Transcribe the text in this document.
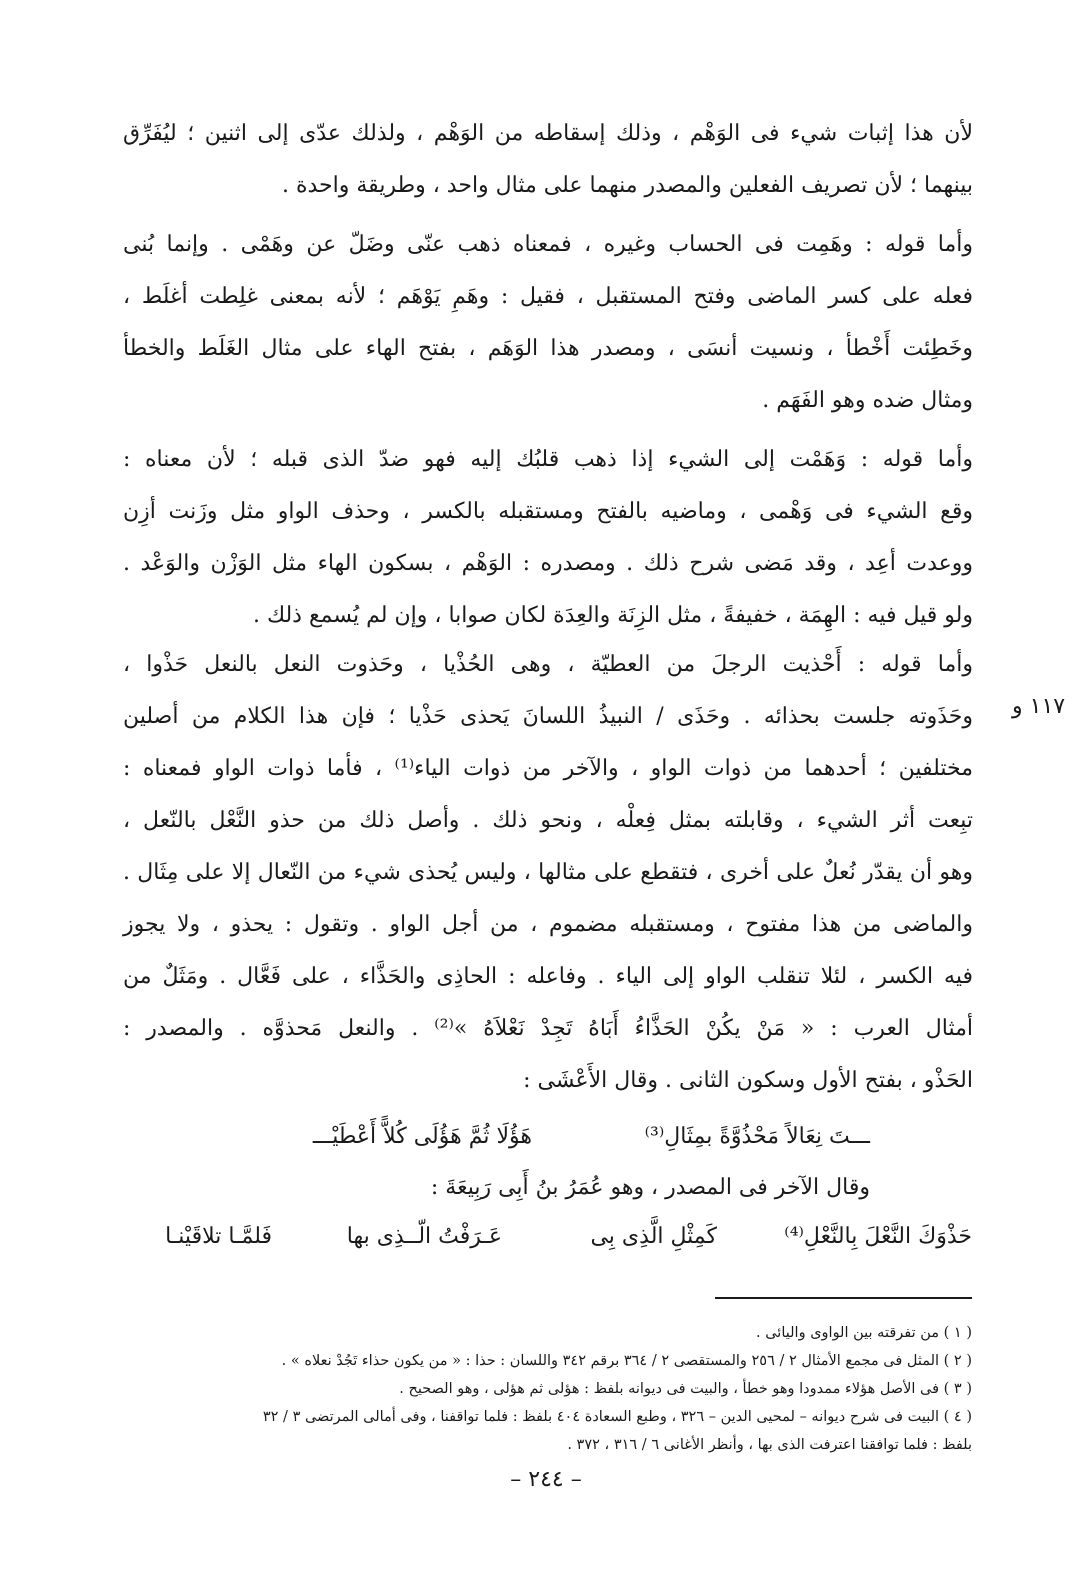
لأن هذا إثبات شيء فى الوَهْم ، وذلك إسقاطه من الوَهْم ، ولذلك عدّى إلى اثنين ؛ ليُفَرِّق
بينهما ؛ لأن تصريف الفعلين والمصدر منهما على مثال واحد ، وطريقة واحدة .
وأما قوله : وهَمِت فى الحساب وغيره ، فمعناه ذهب عنّى وضَلّ عن وهَمْى . وإنما بُنى
فعله على كسر الماضى وفتح المستقبل ، فقيل : وهَمِ يَوْهَم ؛ لأنه بمعنى غلِطت أغلَط ،
وخَطِئت أَخْطأ ، ونسيت أنسَى ، ومصدر هذا الوَهَم ، بفتح الهاء على مثال الغَلَط والخطأ
ومثال ضده وهو الفَهَم .
وأما قوله : وَهَمْت إلى الشيء إذا ذهب قلبُك إليه فهو ضدّ الذى قبله ؛ لأن معناه :
وقع الشيء فى وَهْمى ، وماضيه بالفتح ومستقبله بالكسر ، وحذف الواو مثل وزَنت أزِن
ووعدت أعِد ، وقد مَضى شرح ذلك . ومصدره : الوَهْم ، بسكون الهاء مثل الوَزْن والوَعْد .
ولو قيل فيه : الهِمَة ، خفيفةً ، مثل الزِنَة والعِدَة لكان صوابا ، وإن لم يُسمع ذلك .
وأما قوله : أَحْذيت الرجلَ من العطيّة ، وهى الحُذْيا ، وحَذوت النعل بالنعل حَذْوا ،
وحَذَوته جلست بحذائه . وحَذَى / النبيذُ اللسانَ يَحذى حَذْيا ؛ فإن هذا الكلام من أصلين
مختلفين ؛ أحدهما من ذوات الواو ، والآخر من ذوات الياء⁽¹⁾ ، فأما ذوات الواو فمعناه :
تبِعت أثر الشيء ، وقابلته بمثل فِعلْه ، ونحو ذلك . وأصل ذلك من حذو النَّعْل بالنّعل ،
وهو أن يقدّر نُعلٌ على أخرى ، فتقطع على مثالها ، وليس يُحذى شيء من النّعال إلا على مِثَال .
والماضى من هذا مفتوح ، ومستقبله مضموم ، من أجل الواو . وتقول : يحذو ، ولا يجوز
فيه الكسر ، لئلا تنقلب الواو إلى الياء . وفاعله : الحاذِى والحَذَّاء ، على فَعَّال . ومَثَلٌ من
أمثال العرب : « مَنْ يكُنْ الحَذَّاءُ أَبَاهُ تَجِدْ نَعْلاَهُ »⁽²⁾ . والنعل مَحذوَّه . والمصدر :
الحَذْو ، بفتح الأول وسكون الثانى . وقال الأَعْشَى :
١١٧ و
هَؤُلَا ثُمَّ هَؤُلَى كُلاًّ أَعْطَيْـــ	ـــتَ نِعَالاً مَحْذُوَّةً بمِثَالِ⁽³⁾
وقال الآخر فى المصدر ، وهو عُمَرُ بنُ أَبِى رَبِيعَةَ :
فَلمَّـا تلاقَيْنـا	عَـرَفْتُ الّــذِى بها	كَمِثْلِ الَّذِى بِى	حَذْوَكَ النَّعْلَ بِالنَّعْلِ⁽⁴⁾
( ١ ) من تفرقته بين الواوى واليائى .
( ٢ ) المثل فى مجمع الأمثال ٢ / ٢٥٦ والمستقصى ٢ / ٣٦٤ برقم ٣٤٢ واللسان : حذا : « من يكون حذاء تَجُدْ نعلاه » .
( ٣ ) فى الأصل هؤلاء ممدودا وهو خطأ ، والبيت فى ديوانه بلفظ : هؤلى ثم هؤلى ، وهو الصحيح .
( ٤ ) البيت فى شرح ديوانه – لمحيى الدين – ٣٢٦ ، وطبع السعادة ٤٠٤ بلفظ : فلما تواقفنا ، وفى أمالى المرتضى ٣ / ٣٢
بلفظ : فلما توافقنا اعترفت الذى بها ، وأنظر الأغانى ٦ / ٣١٦ ، ٣٧٢ .
– ٢٤٤ –
